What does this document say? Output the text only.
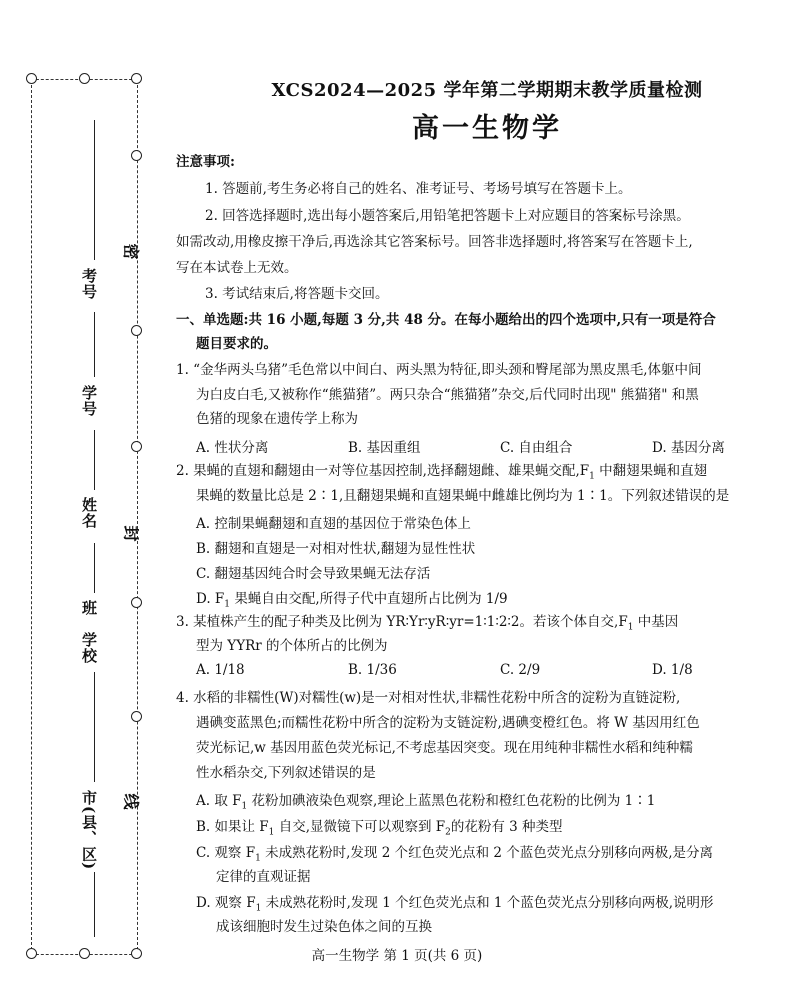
考号
学号
姓名
班
学校
市(县、区)
密
封
线
XCS2024—2025 学年第二学期期末教学质量检测
高一生物学
注意事项:
1. 答题前,考生务必将自己的姓名、准考证号、考场号填写在答题卡上。
2. 回答选择题时,选出每小题答案后,用铅笔把答题卡上对应题目的答案标号涂黑。
如需改动,用橡皮擦干净后,再选涂其它答案标号。回答非选择题时,将答案写在答题卡上,
写在本试卷上无效。
3. 考试结束后,将答题卡交回。
一、单选题:共 16 小题,每题 3 分,共 48 分。在每小题给出的四个选项中,只有一项是符合
题目要求的。
1. “金华两头乌猪”毛色常以中间白、两头黑为特征,即头颈和臀尾部为黑皮黑毛,体躯中间
为白皮白毛,又被称作“熊猫猪”。两只杂合“熊猫猪”杂交,后代同时出现" 熊猫猪" 和黑
色猪的现象在遗传学上称为
A. 性状分离	B. 基因重组	C. 自由组合	D. 基因分离
2. 果蝇的直翅和翻翅由一对等位基因控制,选择翻翅雌、雄果蝇交配$,F_1$ 中翻翅果蝇和直翅
果蝇的数量比总是 2∶1,且翻翅果蝇和直翅果蝇中雌雄比例均为 1∶1。下列叙述错误的是
A. 控制果蝇翻翅和直翅的基因位于常染色体上
B. 翻翅和直翅是一对相对性状,翻翅为显性性状
C. 翻翅基因纯合时会导致果蝇无法存活
D. $F_1$ 果蝇自由交配,所得子代中直翅所占比例为 1/9
3. 某植株产生的配子种类及比例为 YR∶Yr∶yR∶yr=1∶1∶2∶2。若该个体自交$,F_1$ 中基因
型为 YYRr 的个体所占的比例为
A. 1/18	B. 1/36	C. 2/9	D. 1/8
4. 水稻的非糯性(W)对糯性(w)是一对相对性状,非糯性花粉中所含的淀粉为直链淀粉,
遇碘变蓝黑色;而糯性花粉中所含的淀粉为支链淀粉,遇碘变橙红色。将 W 基因用红色
荧光标记,w 基因用蓝色荧光标记,不考虑基因突变。现在用纯种非糯性水稻和纯种糯
性水稻杂交,下列叙述错误的是
A. 取 $F_1$ 花粉加碘液染色观察,理论上蓝黑色花粉和橙红色花粉的比例为 1∶1
B. 如果让 $F_1$ 自交,显微镜下可以观察到 $F_2$的花粉有 3 种类型
C. 观察 $F_1$ 未成熟花粉时,发现 2 个红色荧光点和 2 个蓝色荧光点分别移向两极,是分离
定律的直观证据
D. 观察 $F_1$ 未成熟花粉时,发现 1 个红色荧光点和 1 个蓝色荧光点分别移向两极,说明形
成该细胞时发生过染色体之间的互换
高一生物学 第 1 页(共 6 页)
